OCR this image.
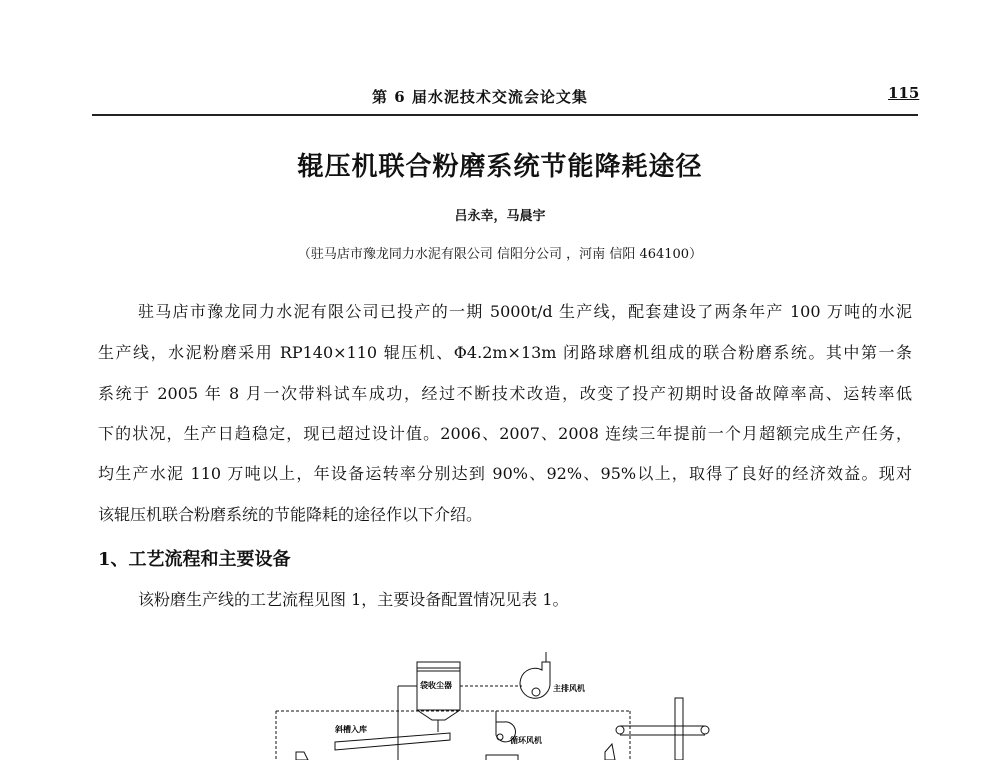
第 6 届水泥技术交流会论文集	115
辊压机联合粉磨系统节能降耗途径
吕永幸，马晨宇
（驻马店市豫龙同力水泥有限公司 信阳分公司 ，河南 信阳 464100）
驻马店市豫龙同力水泥有限公司已投产的一期 5000t/d 生产线，配套建设了两条年产 100 万吨的水泥
生产线，水泥粉磨采用 RP140×110 辊压机、Φ4.2m×13m 闭路球磨机组成的联合粉磨系统。其中第一条
系统于 2005 年 8 月一次带料试车成功，经过不断技术改造，改变了投产初期时设备故障率高、运转率低
下的状况，生产日趋稳定，现已超过设计值。2006、2007、2008 连续三年提前一个月超额完成生产任务，
均生产水泥 110 万吨以上，年设备运转率分别达到 90%、92%、95%以上，取得了良好的经济效益。现对
该辊压机联合粉磨系统的节能降耗的途径作以下介绍。
1、工艺流程和主要设备
该粉磨生产线的工艺流程见图 1，主要设备配置情况见表 1。
袋收尘器	主排风机
斜槽入库
循环风机
